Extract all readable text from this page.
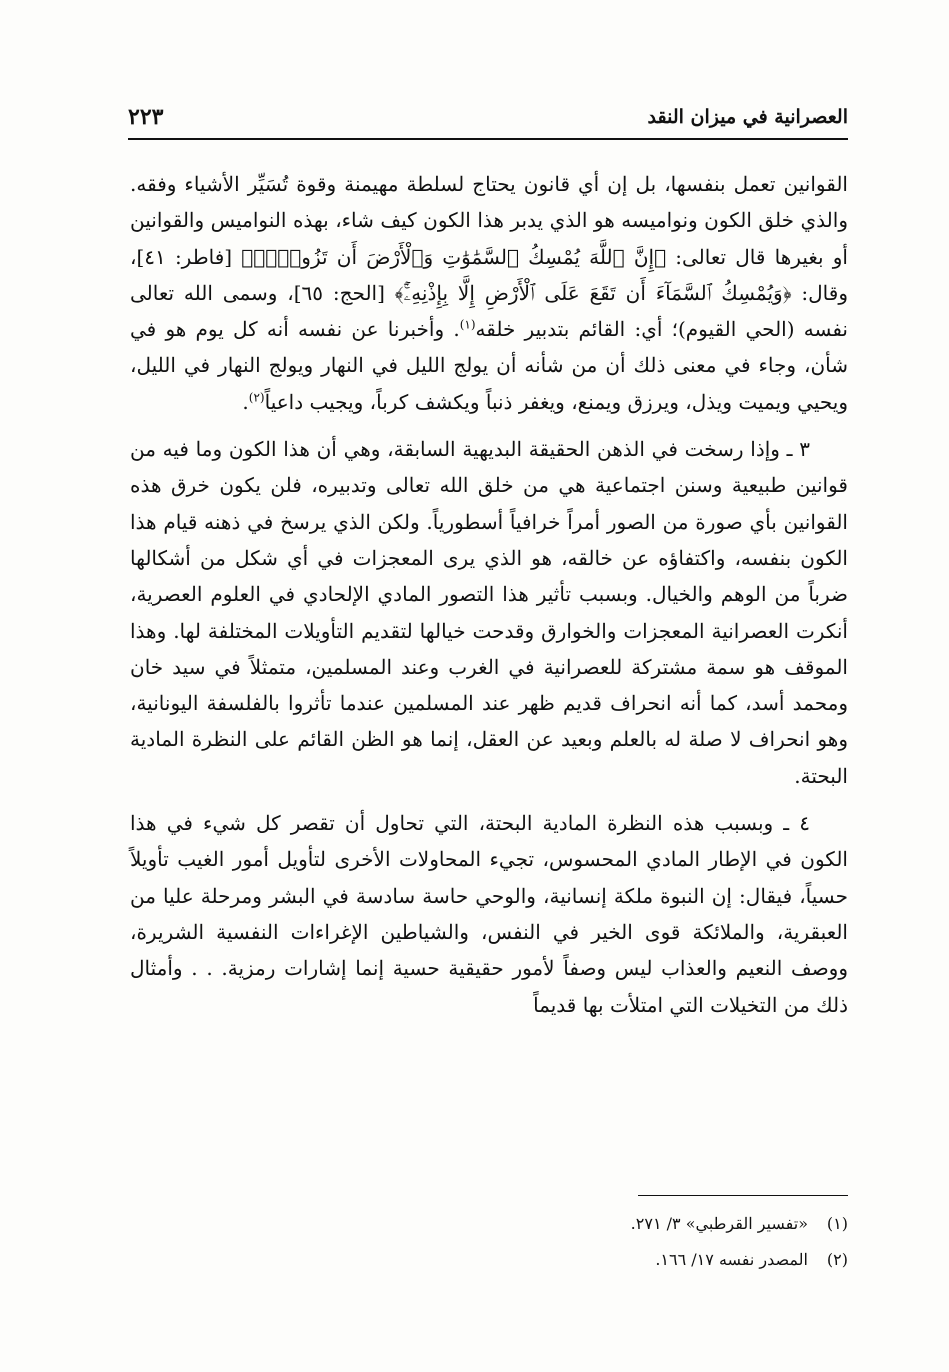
العصرانية في ميزان النقد
٢٢٣

القوانين تعمل بنفسها، بل إن أي قانون يحتاج لسلطة مهيمنة وقوة تُسَيِّر الأشياء وفقه. والذي خلق الكون ونواميسه هو الذي يدبر هذا الكون كيف شاء، بهذه النواميس والقوانين أو بغيرها قال تعالى: ﴿إِنَّ ٱللَّهَ يُمْسِكُ ٱلسَّمَٰوَٰتِ وَٱلْأَرْضَ أَن تَزُولَاۚ﴾ [فاطر: ٤١]، وقال: ﴿وَيُمْسِكُ ٱلسَّمَآءَ أَن تَقَعَ عَلَى ٱلْأَرْضِ إِلَّا بِإِذْنِهِۦٓۚ﴾ [الحج: ٦٥]، وسمى الله تعالى نفسه (الحي القيوم)؛ أي: القائم بتدبير خلقه$^{(١)}$. وأخبرنا عن نفسه أنه كل يوم هو في شأن، وجاء في معنى ذلك أن من شأنه أن يولج الليل في النهار ويولج النهار في الليل، ويحيي ويميت ويذل، ويرزق ويمنع، ويغفر ذنباً ويكشف كرباً، ويجيب داعياً$^{(٢)}$.

٣ ـ وإذا رسخت في الذهن الحقيقة البديهية السابقة، وهي أن هذا الكون وما فيه من قوانين طبيعية وسنن اجتماعية هي من خلق الله تعالى وتدبيره، فلن يكون خرق هذه القوانين بأي صورة من الصور أمراً خرافياً أسطورياً. ولكن الذي يرسخ في ذهنه قيام هذا الكون بنفسه، واكتفاؤه عن خالقه، هو الذي يرى المعجزات في أي شكل من أشكالها ضرباً من الوهم والخيال. وبسبب تأثير هذا التصور المادي الإلحادي في العلوم العصرية، أنكرت العصرانية المعجزات والخوارق وقدحت خيالها لتقديم التأويلات المختلفة لها. وهذا الموقف هو سمة مشتركة للعصرانية في الغرب وعند المسلمين، متمثلاً في سيد خان ومحمد أسد، كما أنه انحراف قديم ظهر عند المسلمين عندما تأثروا بالفلسفة اليونانية، وهو انحراف لا صلة له بالعلم وبعيد عن العقل، إنما هو الظن القائم على النظرة المادية البحتة.

٤ ـ وبسبب هذه النظرة المادية البحتة، التي تحاول أن تقصر كل شيء في هذا الكون في الإطار المادي المحسوس، تجيء المحاولات الأخرى لتأويل أمور الغيب تأويلاً حسياً، فيقال: إن النبوة ملكة إنسانية، والوحي حاسة سادسة في البشر ومرحلة عليا من العبقرية، والملائكة قوى الخير في النفس، والشياطين الإغراءات النفسية الشريرة، ووصف النعيم والعذاب ليس وصفاً لأمور حقيقية حسية إنما إشارات رمزية. . . وأمثال ذلك من التخيلات التي امتلأت بها قديماً

(١)«تفسير القرطبي» ٣/ ٢٧١.

(٢)المصدر نفسه ١٧/ ١٦٦.
